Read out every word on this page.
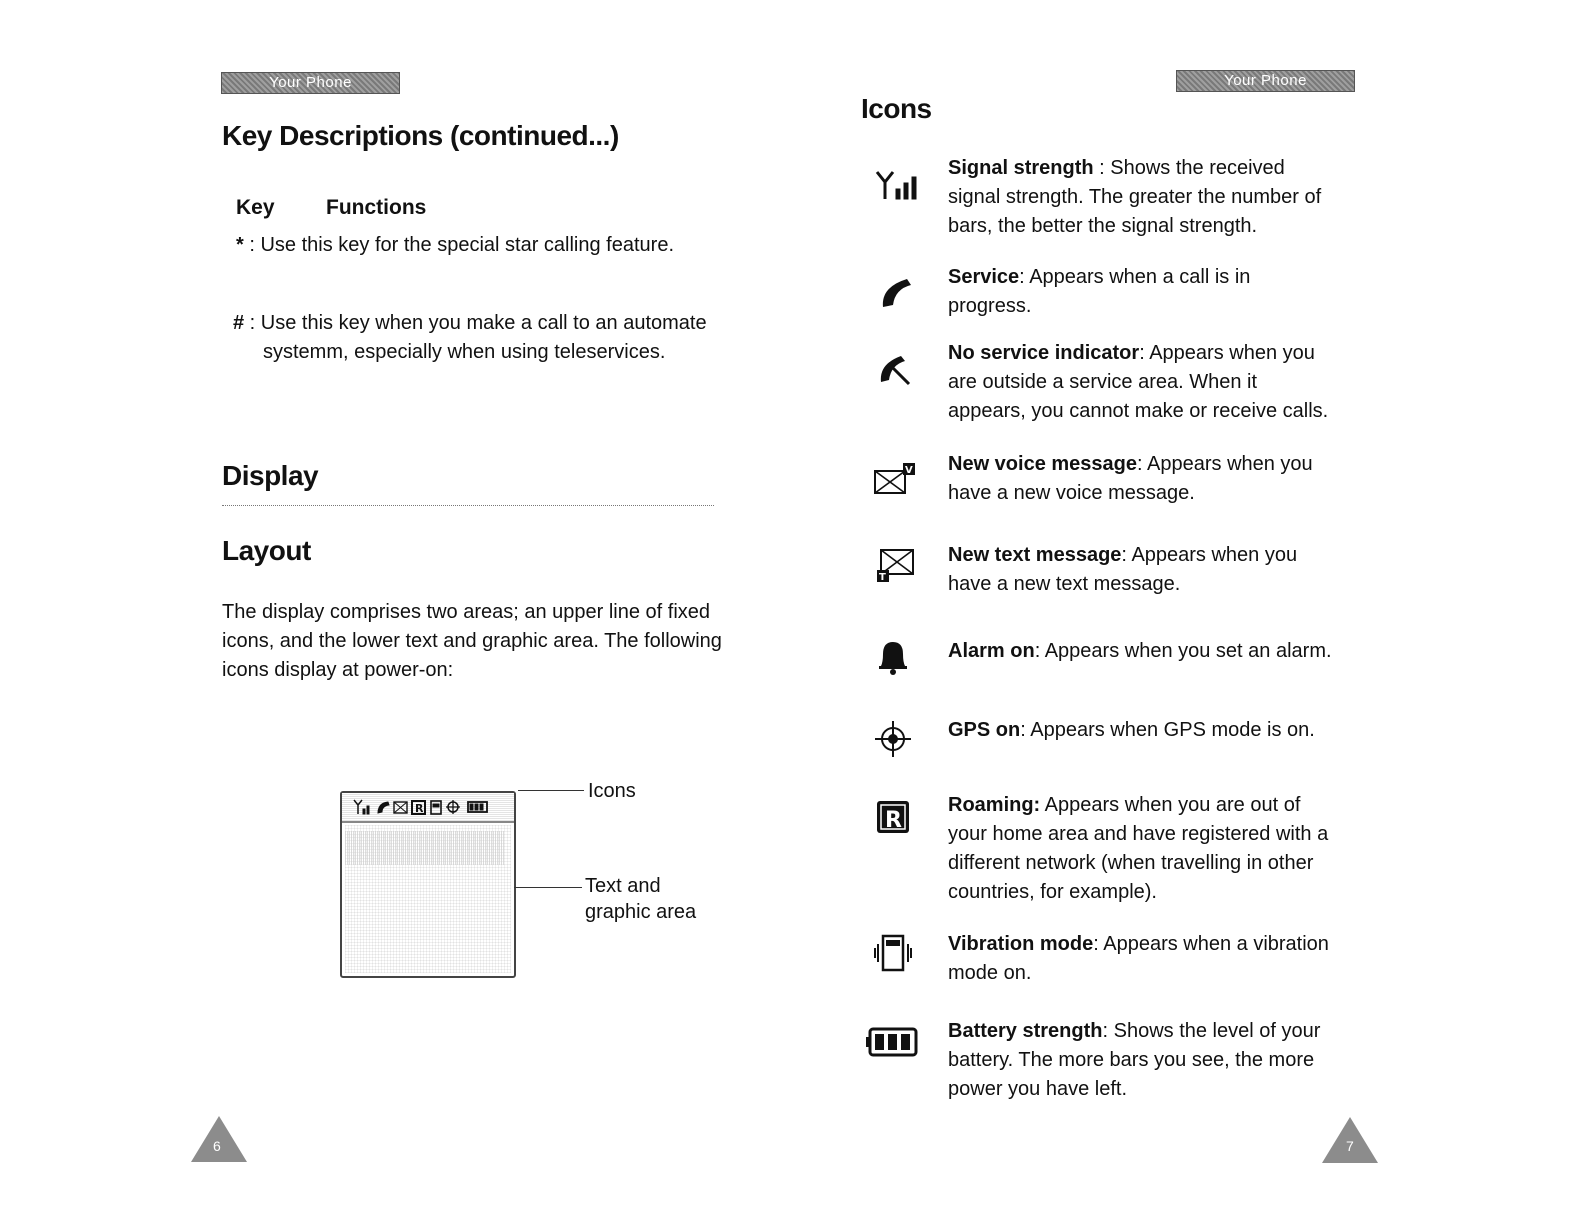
Your Phone
Key Descriptions (continued...)
Key Functions
* : Use this key for the special star calling feature.
# : Use this key when you make a call to an automate
systemm, especially when using teleservices.
Display
Layout
The display comprises two areas; an upper line of fixed icons, and the lower text and graphic area. The following icons display at power-on:
R
Icons
Text and graphic area
6
Your Phone
Icons
Signal strength : Shows the received signal strength. The greater the number of bars, the better the signal strength.
Service: Appears when a call is in progress.
No service indicator: Appears when you are outside a service area. When it appears, you cannot make or receive calls.
V New voice message: Appears when you have a new voice message.
T
New text message: Appears when you have a new text message.
Alarm on: Appears when you set an alarm.
GPS on: Appears when GPS mode is on.
R
Roaming: Appears when you are out of your home area and have registered with a different network (when travelling in other countries, for example).
Vibration mode: Appears when a vibration mode on.
Battery strength: Shows the level of your battery. The more bars you see, the more power you have left.
7
